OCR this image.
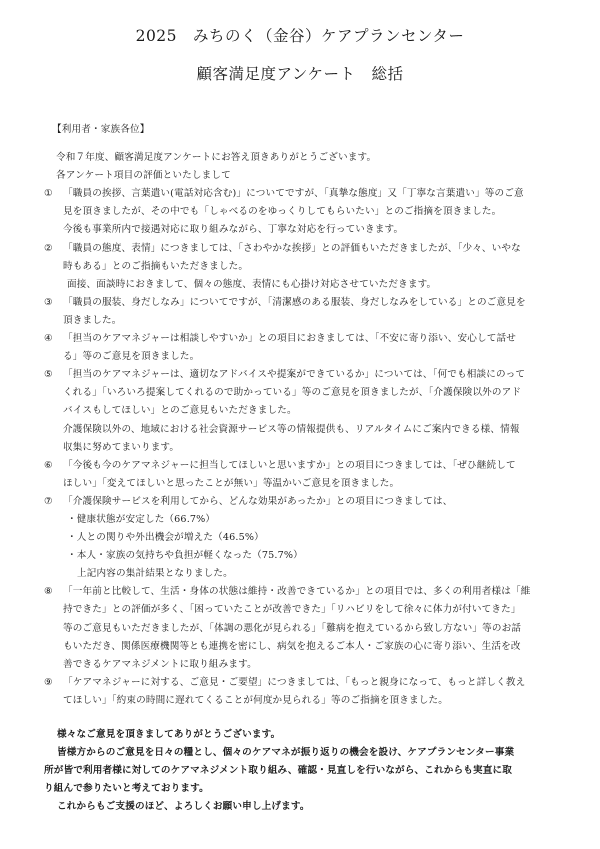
2025　みちのく（金谷）ケアプランセンター
顧客満足度アンケート　総括
【利用者・家族各位】
令和７年度、顧客満足度アンケートにお答え頂きありがとうございます。
各アンケート項目の評価といたしまして
① 「職員の挨拶、言葉遣い(電話対応含む)」についてですが、「真摯な態度」又「丁寧な言葉遣い」等のご意
見を頂きましたが、その中でも「しゃべるのをゆっくりしてもらいたい」とのご指摘を頂きました。
今後も事業所内で接遇対応に取り組みながら、丁寧な対応を行っていきます。
② 「職員の態度、表情」につきましては、「さわやかな挨拶」との評価もいただきましたが、「少々、いやな
時もある」とのご指摘もいただきました。
面接、面談時におきまして、個々の態度、表情にも心掛け対応させていただきます。
③ 「職員の服装、身だしなみ」についてですが、「清潔感のある服装、身だしなみをしている」とのご意見を
頂きました。
④ 「担当のケアマネジャーは相談しやすいか」との項目におきましては、「不安に寄り添い、安心して話せ
る」等のご意見を頂きました。
⑤ 「担当のケアマネジャーは、適切なアドバイスや提案ができているか」については、「何でも相談にのって
くれる」「いろいろ提案してくれるので助かっている」等のご意見を頂きましたが、「介護保険以外のアド
バイスもしてほしい」とのご意見もいただきました。
介護保険以外の、地域における社会資源サービス等の情報提供も、リアルタイムにご案内できる様、情報
収集に努めてまいります。
⑥ 「今後も今のケアマネジャーに担当してほしいと思いますか」との項目につきましては、「ぜひ継続して
ほしい」「変えてほしいと思ったことが無い」等温かいご意見を頂きました。
⑦ 「介護保険サービスを利用してから、どんな効果があったか」との項目につきましては、
・健康状態が安定した（66.7%）
・人との関りや外出機会が増えた（46.5%）
・本人・家族の気持ちや負担が軽くなった（75.7%）
上記内容の集計結果となりました。
⑧ 「一年前と比較して、生活・身体の状態は維持・改善できているか」との項目では、多くの利用者様は「維
持できた」との評価が多く、「困っていたことが改善できた」「リハビリをして徐々に体力が付いてきた」
等のご意見もいただきましたが、「体調の悪化が見られる」「難病を抱えているから致し方ない」等のお話
もいただき、関係医療機関等とも連携を密にし、病気を抱えるご本人・ご家族の心に寄り添い、生活を改
善できるケアマネジメントに取り組みます。
⑨ 「ケアマネジャーに対する、ご意見・ご要望」につきましては、「もっと親身になって、もっと詳しく教え
てほしい」「約束の時間に遅れてくることが何度か見られる」等のご指摘を頂きました。
様々なご意見を頂きましてありがとうございます。
皆様方からのご意見を日々の糧とし、個々のケアマネが振り返りの機会を設け、ケアプランセンター事業
所が皆で利用者様に対してのケアマネジメント取り組み、確認・見直しを行いながら、これからも実直に取
り組んで参りたいと考えております。
これからもご支援のほど、よろしくお願い申し上げます。
